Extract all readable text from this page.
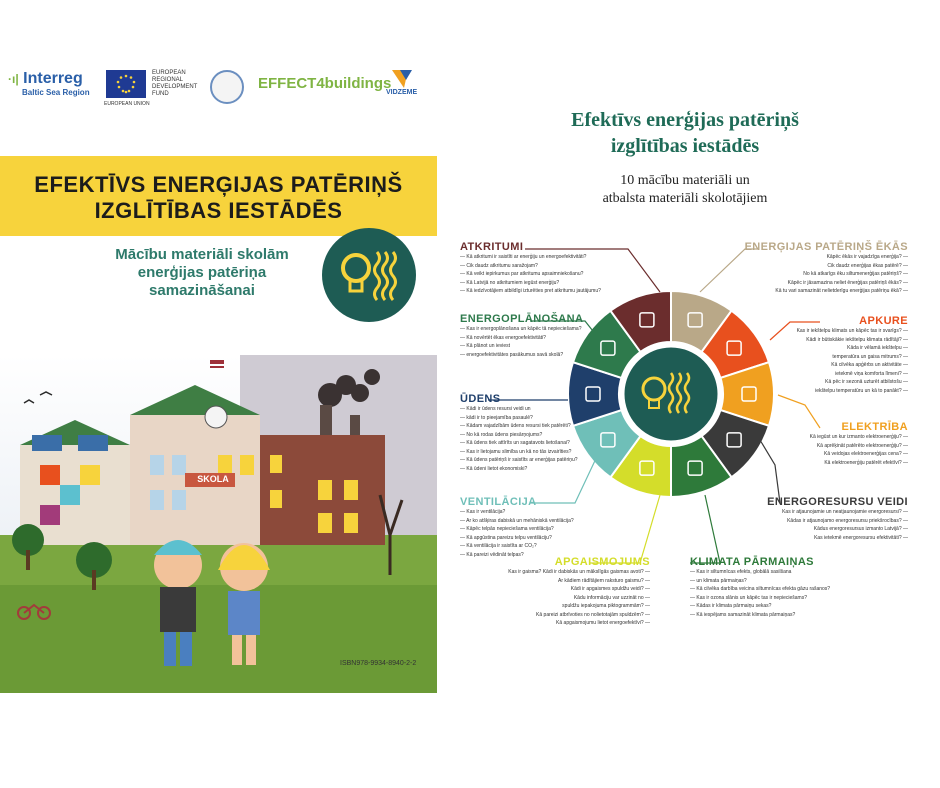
·ı| Interreg
Baltic Sea Region
EUROPEAN REGIONAL DEVELOPMENT FUND
EUROPEAN UNION
EFFECT4buildings
VIDZEME
EFEKTĪVS ENERĢIJAS PATĒRIŅŠ
IZGLĪTĪBAS IESTĀDĒS
Mācību materiāli skolām
enerģijas patēriņa
samazināšanai
SKOLA
ISBN978-9934-8940-2-2
Efektīvs enerģijas patēriņš
izglītības iestādēs
10 mācību materiāli un
atbalsta materiāli skolotājiem
ATKRITUMI
— Kā atkritumi ir saistīti ar enerģiju un energoefektivitāti?
— Cik daudz atkritumu saražojam?
— Kā veikt iepirkumus par atkritumu apsaimniekošanu?
— Kā Latvijā no atkritumiem iegūst enerģiju?
— Kā iedzīvotājiem atbildīgi izturēties pret atkritumu jautājumu?
ENERGOPLĀNOŠANA
— Kas ir energoplānošana un kāpēc tā nepieciešama?
— Kā novērtēt ēkas energoefektivitāti?
— Kā plānot un ieviest
— energoefektivitātes pasākumus savā skolā?
ŪDENS
— Kādi ir ūdens resursi veidi un
— kādi ir to pieejamība pasaulē?
— Kādam vajadzībām ūdens resursi tiek patērēti?
— No kā rodas ūdens piesārņojums?
— Kā ūdens tiek attīrīts un sagatavots lietošanai?
— Kas ir lietojamu slimība un kā no tās izvairīties?
— Kā ūdens patēriņš ir saistīts ar enerģijas patēriņu?
— Kā ūdeni lietot ekonomiski?
VENTILĀCIJA
— Kas ir ventilācija?
— Ar ko atšķiras dabiskā un mehāniskā ventilācija?
— Kāpēc telpās nepieciešama ventilācija?
— Kā apgūstina pareizu telpu ventilāciju?
— Kā ventilācija ir saistīta ar CO₂?
— Kā pareizi vēdināt telpas?
APGAISMOJUMS
Kas ir gaisma? Kādi ir dabiskās un mākslīgās gaismas avoti? —
Ar kādiem rādītājiem raksturo gaismu? —
Kādi ir apgaismes spuldžu veidi? —
Kādu informāciju var uzzināt no —
spuldžu iepakojuma piktogrammām? —
Kā pareizi atbrīvoties no nolietotajām spuldzēm? —
Kā apgaismojumu lietot energoefektīvi? —
KLIMATA PĀRMAIŅAS
— Kas ir siltumnīcas efekts, globālā sasilšana
— un klimata pārmaiņas?
— Kā cilvēka darbība veicina siltumnīcas efekta gāzu rašanos?
— Kas ir ozona slānis un kāpēc tas ir nepieciešams?
— Kādas ir klimata pārmaiņu sekas?
— Kā iespējams samazināt klimata pārmaiņas?
ENERGORESURSU VEIDI
Kas ir atjaunojamie un neatjaunojamie energoresursi? —
Kādas ir atjaunojamo energoresursu priekšrocības? —
Kādus energoresursus izmanto Latvijā? —
Kas ietekmē energoresursu efektivitāti? —
ELEKTRĪBA
Kā iegūst un kur izmanto elektroenerģiju? —
Kā aprēķināt patērēto elektroenerģiju? —
Kā veidojas elektroenerģijas cena? —
Kā elektroenerģiju patērēt efektīvi? —
APKURE
Kas ir iekštelpu klimats un kāpēc tas ir svarīgs? —
Kādi ir būtiskākie iekštelpu klimata rādītāji? —
Kāda ir vēlamā iekštelpu —
temperatūra un gaisa mitrums? —
Kā cilvēka apģērbs un aktivitāte —
ietekmē viņa komforta līmeni? —
Kā pēc ir sezonā uzturēt atbilstošu —
iekštelpu temperatūru un kā to panākt? —
ENERĢIJAS PATĒRIŅŠ ĒKĀS
Kāpēc ēkās ir vajadzīga enerģija? —
Cik daudz enerģijas ēkas patērē? —
No kā atkarīgs ēku siltumenerģijas patēriņš? —
Kāpēc ir jāsamazina neliet ēnerģijas patēriņš ēkās? —
Kā tu vari samazināt nelietderīgu enerģijas patēriņu ēkā? —
